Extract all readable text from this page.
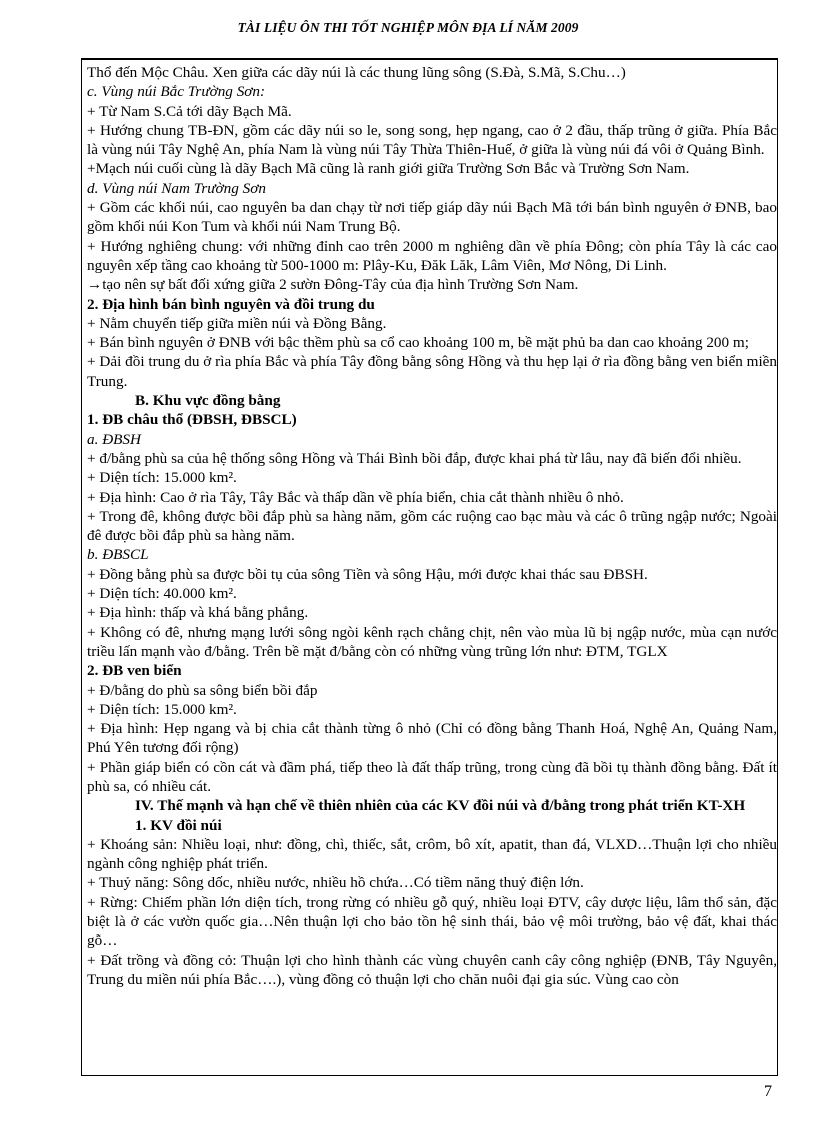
TÀI LIỆU ÔN THI TỐT NGHIỆP MÔN ĐỊA LÍ NĂM 2009
Thổ đến Mộc Châu. Xen giữa các dãy núi là các thung lũng sông (S.Đà, S.Mã, S.Chu…)
c. Vùng núi Bắc Trường Sơn:
+ Từ Nam S.Cả tới dãy Bạch Mã.
+ Hướng chung TB-ĐN, gồm các dãy núi so le, song song, hẹp ngang, cao ở 2 đầu, thấp trũng ở giữa. Phía Bắc là vùng núi Tây Nghệ An, phía Nam là vùng núi Tây Thừa Thiên-Huế, ở giữa là vùng núi đá vôi ở Quảng Bình.
+Mạch núi cuối cùng là dãy Bạch Mã cũng là ranh giới giữa Trường Sơn Bắc và Trường Sơn Nam.
d. Vùng núi Nam Trường Sơn
+ Gồm các khối núi, cao nguyên ba dan chạy từ nơi tiếp giáp dãy núi Bạch Mã tới bán bình nguyên ở ĐNB, bao gồm khối núi Kon Tum và khối núi Nam Trung Bộ.
+ Hướng nghiêng chung: với những đỉnh cao trên 2000 m nghiêng dần về phía Đông; còn phía Tây là các cao nguyên xếp tầng cao khoảng từ 500-1000 m: Plây-Ku, Đăk Lăk, Lâm Viên, Mơ Nông, Di Linh.
→tạo nên sự bất đối xứng giữa 2 sườn Đông-Tây của địa hình Trường Sơn Nam.
2. Địa hình bán bình nguyên và đồi trung du
+ Nằm chuyển tiếp giữa miền núi và Đồng Bằng.
+ Bán bình nguyên ở ĐNB với bậc thềm phù sa cổ cao khoảng 100 m, bề mặt phủ ba dan cao khoảng 200 m;
+ Dải đồi trung du ở rìa phía Bắc và phía Tây đồng bằng sông Hồng và thu hẹp lại ở rìa đồng bằng ven biển miền Trung.
B. Khu vực đồng bằng
1. ĐB châu thổ (ĐBSH, ĐBSCL)
a. ĐBSH
+ đ/bằng phù sa của hệ thống sông Hồng và Thái Bình bồi đắp, được khai phá từ lâu, nay đã biến đổi nhiều.
+ Diện tích: 15.000 km².
+ Địa hình: Cao ở rìa Tây, Tây Bắc và thấp dần về phía biển, chia cắt thành nhiều ô nhỏ.
+ Trong đê, không được bồi đắp phù sa hàng năm, gồm các ruộng cao bạc màu và các ô trũng ngập nước; Ngoài đê được bồi đắp phù sa hàng năm.
b. ĐBSCL
+ Đồng bằng phù sa được bồi tụ của sông Tiền và sông Hậu, mới được khai thác sau ĐBSH.
+ Diện tích: 40.000 km².
+ Địa hình: thấp và khá bằng phẳng.
+ Không có đê, nhưng mạng lưới sông ngòi kênh rạch chằng chịt, nên vào mùa lũ bị ngập nước, mùa cạn nước triều lấn mạnh vào đ/bằng. Trên bề mặt đ/bằng còn có những vùng trũng lớn như: ĐTM, TGLX
2. ĐB ven biển
+ Đ/bằng do phù sa sông biển bồi đắp
+ Diện tích: 15.000 km².
+ Địa hình: Hẹp ngang và bị chia cắt thành từng ô nhỏ (Chỉ có đồng bằng Thanh Hoá, Nghệ An, Quảng Nam, Phú Yên tương đối rộng)
+ Phần giáp biển có cồn cát và đầm phá, tiếp theo là đất thấp trũng, trong cùng đã bồi tụ thành đồng bằng. Đất ít phù sa, có nhiều cát.
IV. Thế mạnh và hạn chế về thiên nhiên của các KV đồi núi và đ/bằng trong phát triển KT-XH
1. KV đồi núi
+ Khoáng sản: Nhiều loại, như: đồng, chì, thiếc, sắt, crôm, bô xít, apatit, than đá, VLXD…Thuận lợi cho nhiều ngành công nghiệp phát triển.
+ Thuỷ năng: Sông dốc, nhiều nước, nhiều hồ chứa…Có tiềm năng thuỷ điện lớn.
+ Rừng: Chiếm phần lớn diện tích, trong rừng có nhiều gỗ quý, nhiều loại ĐTV, cây dược liệu, lâm thổ sản, đặc biệt là ở các vườn quốc gia…Nên thuận lợi cho bảo tồn hệ sinh thái, bảo vệ môi trường, bảo vệ đất, khai thác gỗ…
+ Đất trồng và đồng cỏ: Thuận lợi cho hình thành các vùng chuyên canh cây công nghiệp (ĐNB, Tây Nguyên, Trung du miền núi phía Bắc….), vùng đồng cỏ thuận lợi cho chăn nuôi đại gia súc. Vùng cao còn
7
